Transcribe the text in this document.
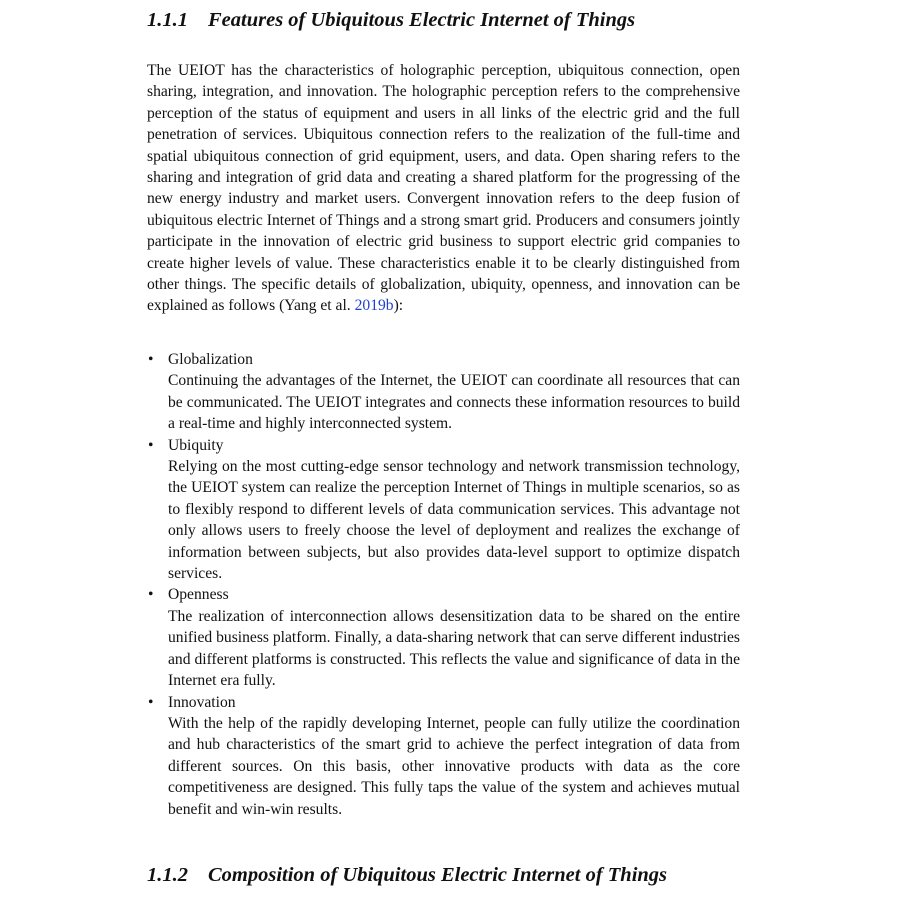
1.1.1 Features of Ubiquitous Electric Internet of Things

The UEIOT has the characteristics of holographic perception, ubiquitous connection, open sharing, integration, and innovation. The holographic perception refers to the comprehensive perception of the status of equipment and users in all links of the electric grid and the full penetration of services. Ubiquitous connection refers to the realization of the full-time and spatial ubiquitous connection of grid equipment, users, and data. Open sharing refers to the sharing and integration of grid data and creating a shared platform for the progressing of the new energy industry and market users. Convergent innovation refers to the deep fusion of ubiquitous electric Internet of Things and a strong smart grid. Producers and consumers jointly participate in the innovation of electric grid business to support electric grid companies to create higher levels of value. These characteristics enable it to be clearly distinguished from other things. The specific details of globalization, ubiquity, openness, and innovation can be explained as follows (Yang et al. 2019b):

• Globalization
Continuing the advantages of the Internet, the UEIOT can coordinate all resources that can be communicated. The UEIOT integrates and connects these information resources to build a real-time and highly interconnected system.
• Ubiquity
Relying on the most cutting-edge sensor technology and network transmission technology, the UEIOT system can realize the perception Internet of Things in multiple scenarios, so as to flexibly respond to different levels of data communication services. This advantage not only allows users to freely choose the level of deployment and realizes the exchange of information between subjects, but also provides data-level support to optimize dispatch services.
• Openness
The realization of interconnection allows desensitization data to be shared on the entire unified business platform. Finally, a data-sharing network that can serve different industries and different platforms is constructed. This reflects the value and significance of data in the Internet era fully.
• Innovation
With the help of the rapidly developing Internet, people can fully utilize the coordination and hub characteristics of the smart grid to achieve the perfect integration of data from different sources. On this basis, other innovative products with data as the core competitiveness are designed. This fully taps the value of the system and achieves mutual benefit and win-win results.
1.1.2 Composition of Ubiquitous Electric Internet of Things
